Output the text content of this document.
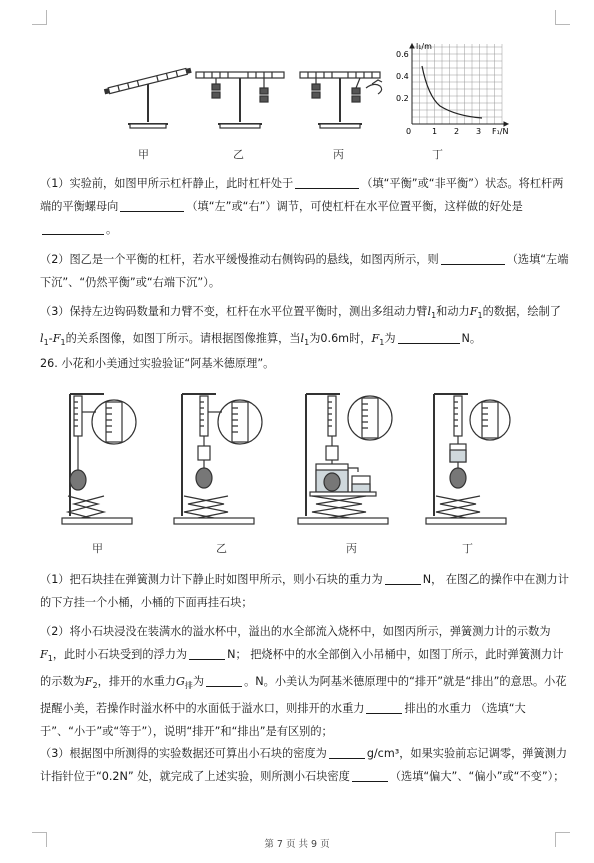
l₁/m
F₁/N
0.6
0.4
0.2
0	1 2 3
甲	乙	丙	丁
（1）实验前，如图甲所示杠杆静止，此时杠杆处于	（填“平衡”或“非平衡”）状态。将杠杆两端的平衡螺母向	（填“左”或“右”）调节，可使杠杆在水平位置平衡，这样做的好处是。
（2）图乙是一个平衡的杠杆，若水平缓慢推动右侧钩码的悬线，如图丙所示，则	（选填“左端下沉”、“仍然平衡”或“右端下沉”）。
（3）保持左边钩码数量和力臂不变，杠杆在水平位置平衡时，测出多组动力臂$l_1$和动力$F_1$的数据，绘制了$l_1-F_1$的关系图像，如图丁所示。请根据图像推算，当$l_1$为0.6m时，$F_1$为	N。
26. 小花和小美通过实验验证“阿基米德原理”。
甲	乙	丙	丁
（1）把石块挂在弹簧测力计下静止时如图甲所示，则小石块的重力为	N， 在图乙的操作中在测力计的下方挂一个小桶，小桶的下面再挂石块；
（2）将小石块浸没在装满水的溢水杯中，溢出的水全部流入烧杯中，如图丙所示，弹簧测力计的示数为$F_1$，此时小石块受到的浮力为	N； 把烧杯中的水全部倒入小吊桶中，如图丁所示，此时弹簧测力计的示数为$F_2$，排开的水重力$G_排$为	。N。小美认为阿基米德原理中的“排开”就是“排出”的意思。小花提醒小美，若操作时溢水杯中的水面低于溢水口，则排开的水重力	排出的水重力 （选填“大于”、“小于”或“等于”），说明“排开”和“排出”是有区别的；
（3）根据图中所测得的实验数据还可算出小石块的密度为	g/cm³，如果实验前忘记调零，弹簧测力计指针位于“0.2N” 处，就完成了上述实验，则所测小石块密度	（选填“偏大”、“偏小”或“不变”）；
第 7 页 共 9 页
